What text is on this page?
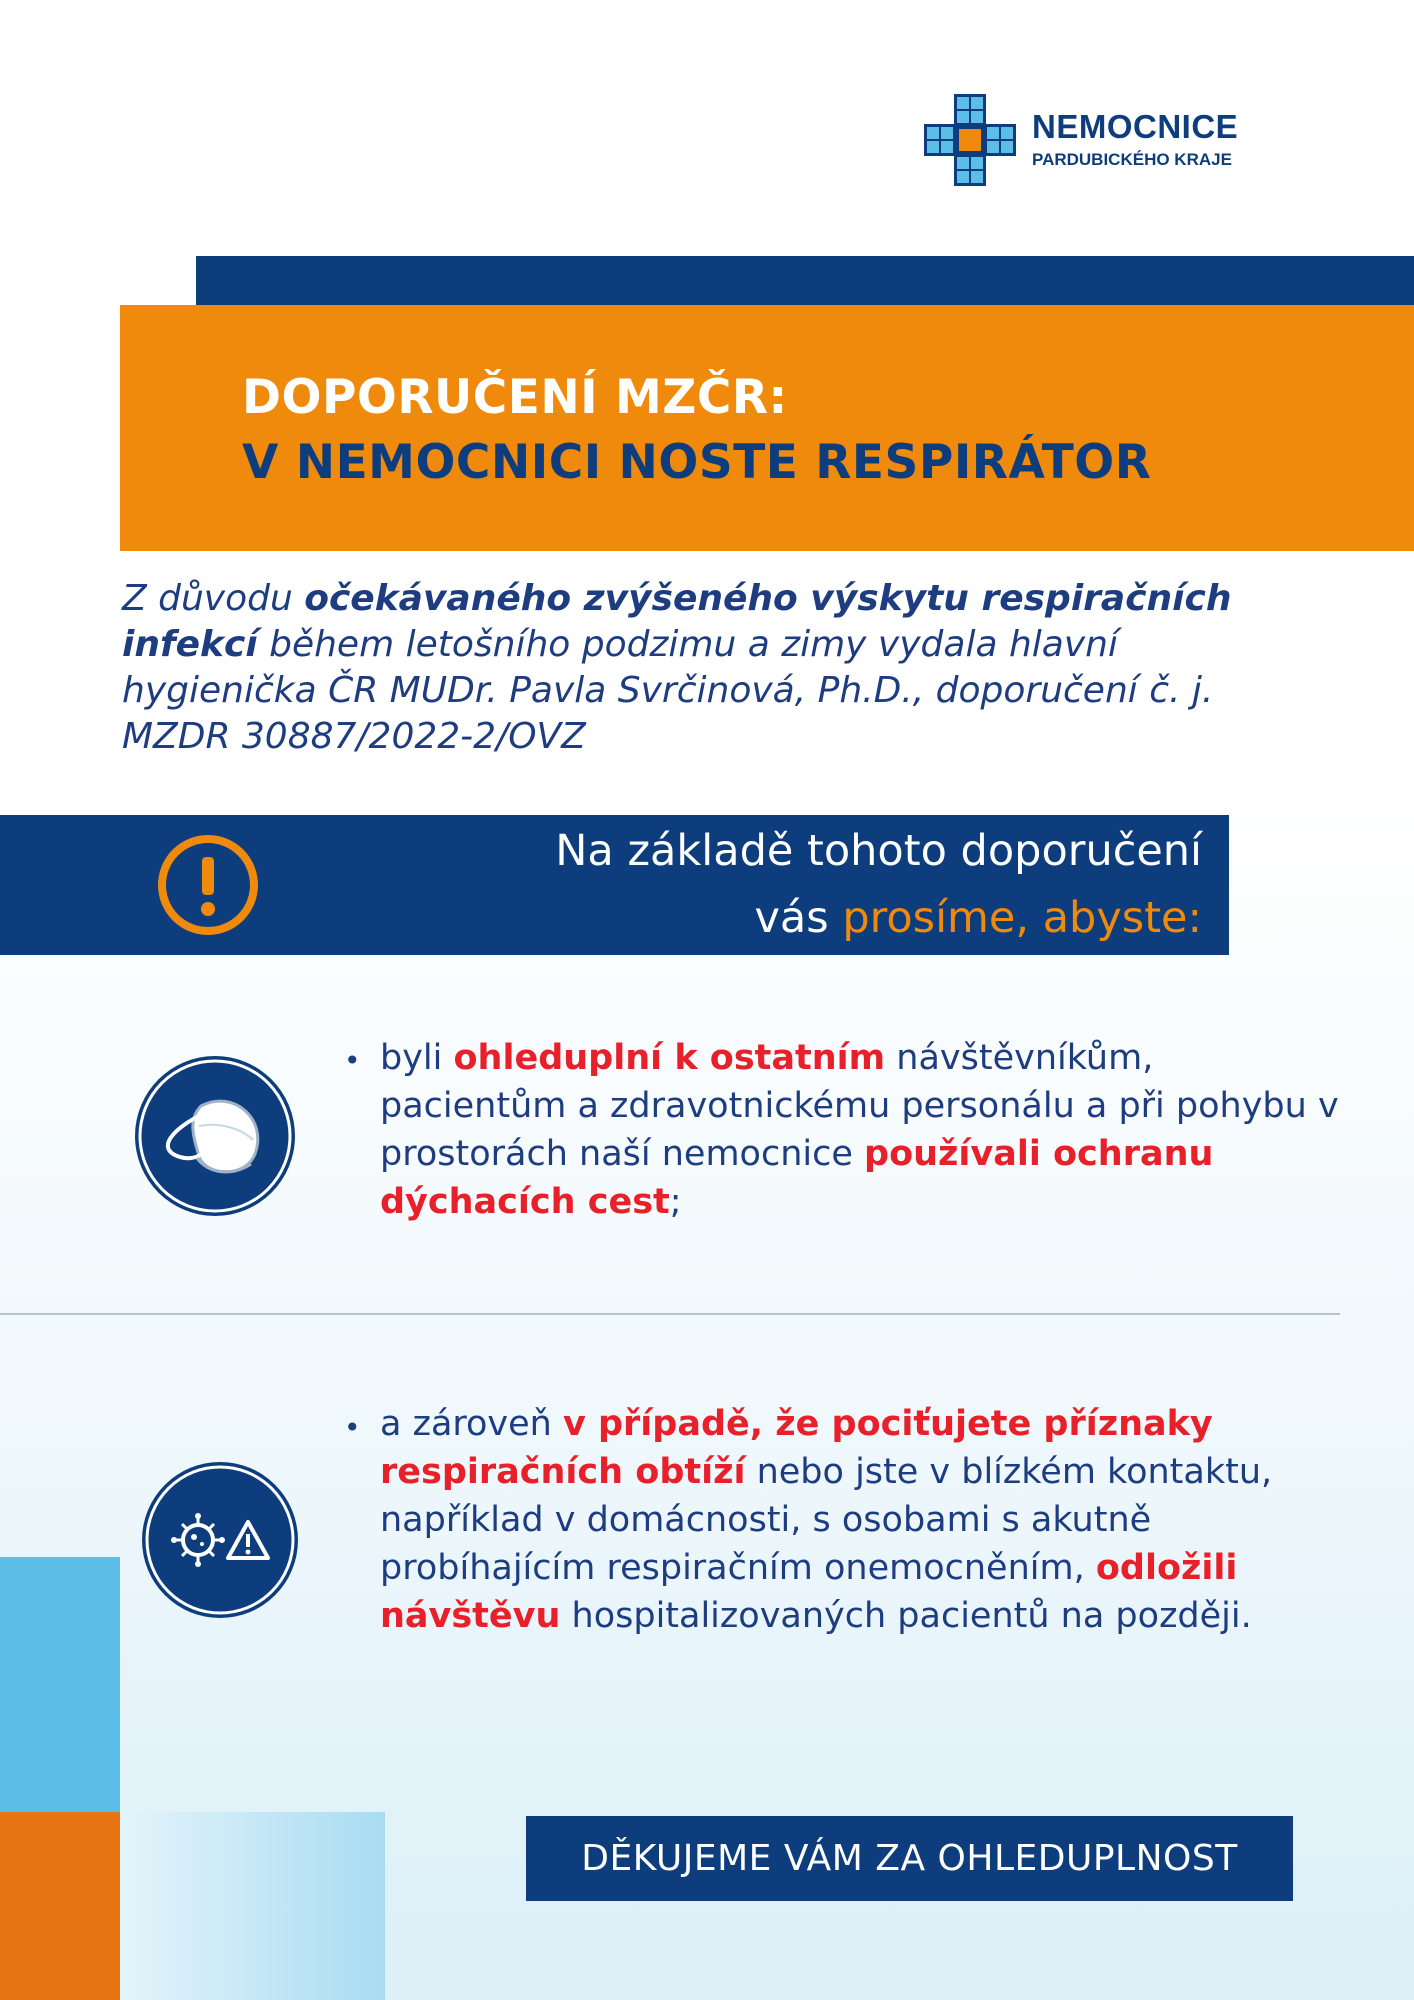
NEMOCNICE
PARDUBICKÉHO KRAJE
DOPORUČENÍ MZČR:
V NEMOCNICI NOSTE RESPIRÁTOR
Z důvodu očekávaného zvýšeného výskytu respiračních infekcí během letošního podzimu a zimy vydala hlavní hygienička ČR MUDr. Pavla Svrčinová, Ph.D., doporučení č. j. MZDR 30887/2022-2/OVZ
Na základě tohoto doporučení
vás prosíme, abyste:
• byli ohleduplní k ostatním návštěvníkům, pacientům a zdravotnickému personálu a při pohybu v prostorách naší nemocnice používali ochranu dýchacích cest;
• a zároveň v případě, že pociťujete příznaky respiračních obtíží nebo jste v blízkém kontaktu, například v domácnosti, s osobami s akutně probíhajícím respiračním onemocněním, odložili návštěvu hospitalizovaných pacientů na později.
DĚKUJEME VÁM ZA OHLEDUPLNOST
